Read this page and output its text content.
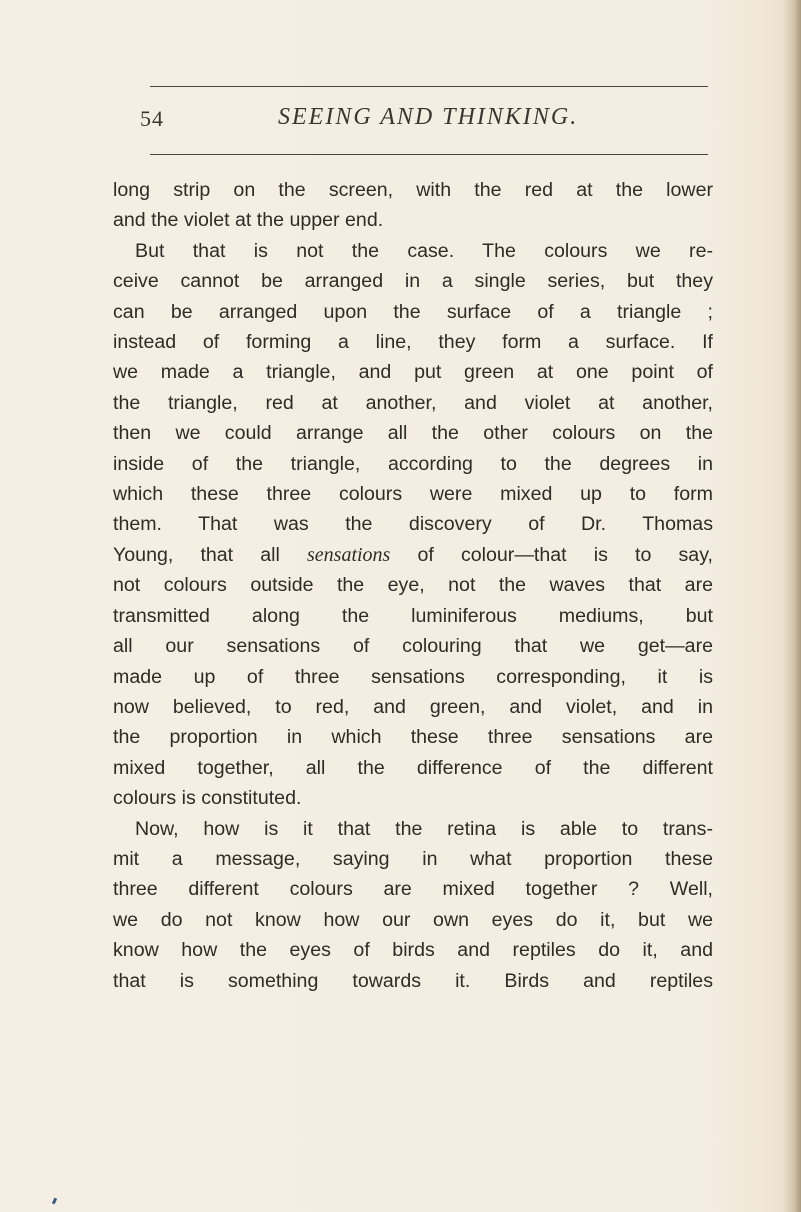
54	SEEING AND THINKING.
long strip on the screen, with the red at the lower
and the violet at the upper end.
But that is not the case. The colours we re-
ceive cannot be arranged in a single series, but they
can be arranged upon the surface of a triangle ;
instead of forming a line, they form a surface. If
we made a triangle, and put green at one point of
the triangle, red at another, and violet at another,
then we could arrange all the other colours on the
inside of the triangle, according to the degrees in
which these three colours were mixed up to form
them. That was the discovery of Dr. Thomas
Young, that all sensations of colour—that is to say,
not colours outside the eye, not the waves that are
transmitted along the luminiferous mediums, but
all our sensations of colouring that we get—are
made up of three sensations corresponding, it is
now believed, to red, and green, and violet, and in
the proportion in which these three sensations are
mixed together, all the difference of the different
colours is constituted.
Now, how is it that the retina is able to trans-
mit a message, saying in what proportion these
three different colours are mixed together ? Well,
we do not know how our own eyes do it, but we
know how the eyes of birds and reptiles do it, and
that is something towards it. Birds and reptiles
